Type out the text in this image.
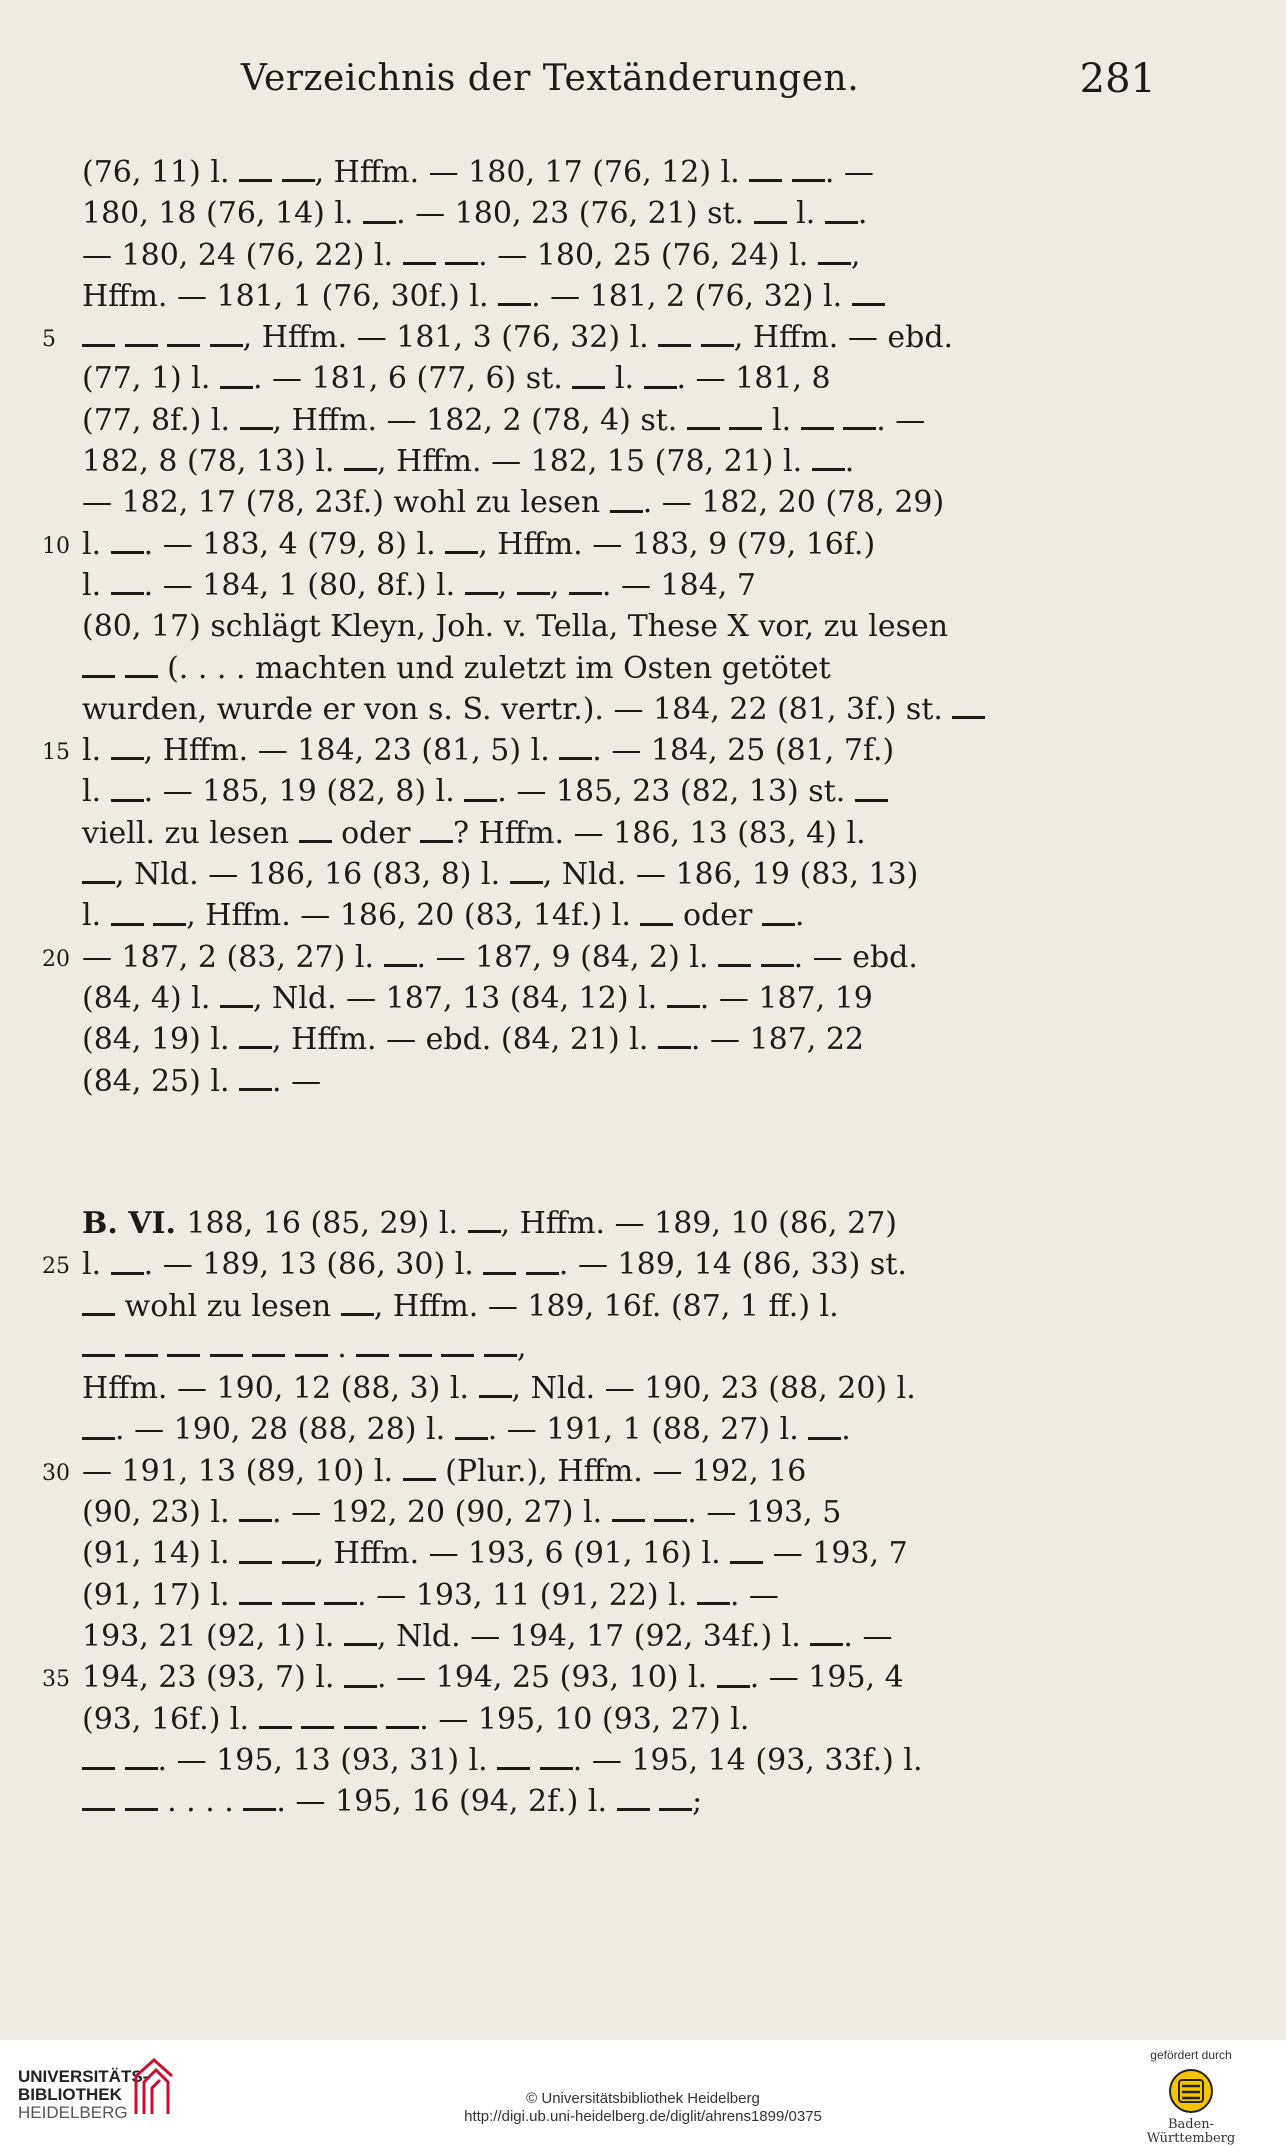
Verzeichnis der Textänderungen.	281
(76, 11) l.	, Hffm. — 180, 17 (76, 12) l.	. —
180, 18 (76, 14) l. . — 180, 23 (76, 21) st.  l. .
— 180, 24 (76, 22) l.	. — 180, 25 (76, 24) l. ,
Hffm. — 181, 1 (76, 30f.) l. . — 181, 2 (76, 32) l.
5	, Hffm. — 181, 3 (76, 32) l.	, Hffm. — ebd.
(77, 1) l. . — 181, 6 (77, 6) st.  l. . — 181, 8
(77, 8f.) l. , Hffm. — 182, 2 (78, 4) st.	l.	. —
182, 8 (78, 13) l. , Hffm. — 182, 15 (78, 21) l. .
— 182, 17 (78, 23f.) wohl zu lesen . — 182, 20 (78, 29)
10 l. . — 183, 4 (79, 8) l. , Hffm. — 183, 9 (79, 16f.)
l. . — 184, 1 (80, 8f.) l. , , . — 184, 7
(80, 17) schlägt Kleyn, Joh. v. Tella, These X vor, zu lesen
(. . . . machten und zuletzt im Osten getötet
wurden, wurde er von s. S. vertr.). — 184, 22 (81, 3f.) st.
15 l. , Hffm. — 184, 23 (81, 5) l. . — 184, 25 (81, 7f.)
l. . — 185, 19 (82, 8) l. . — 185, 23 (82, 13) st.
viell. zu lesen  oder ? Hffm. — 186, 13 (83, 4) l.
, Nld. — 186, 16 (83, 8) l. , Nld. — 186, 19 (83, 13)
l.	, Hffm. — 186, 20 (83, 14f.) l.  oder .
20 — 187, 2 (83, 27) l. . — 187, 9 (84, 2) l.	. — ebd.
(84, 4) l. , Nld. — 187, 13 (84, 12) l. . — 187, 19
(84, 19) l. , Hffm. — ebd. (84, 21) l. . — 187, 22
(84, 25) l. . —
B. VI. 188, 16 (85, 29) l. , Hffm. — 189, 10 (86, 27)
25 l. . — 189, 13 (86, 30) l.	. — 189, 14 (86, 33) st.
wohl zu lesen , Hffm. — 189, 16f. (87, 1 ff.) l.
.	,
Hffm. — 190, 12 (88, 3) l. , Nld. — 190, 23 (88, 20) l.
. — 190, 28 (88, 28) l. . — 191, 1 (88, 27) l. .
30 — 191, 13 (89, 10) l.  (Plur.), Hffm. — 192, 16
(90, 23) l. . — 192, 20 (90, 27) l.	. — 193, 5
(91, 14) l.	, Hffm. — 193, 6 (91, 16) l.  — 193, 7
(91, 17) l.	. — 193, 11 (91, 22) l. . —
193, 21 (92, 1) l. , Nld. — 194, 17 (92, 34f.) l. . —
35 194, 23 (93, 7) l. . — 194, 25 (93, 10) l. . — 195, 4
(93, 16f.) l.	. — 195, 10 (93, 27) l.
. — 195, 13 (93, 31) l.	. — 195, 14 (93, 33f.) l.
. . . . . — 195, 16 (94, 2f.) l.	;
UNIVERSITÄTS-
BIBLIOTHEK
HEIDELBERG
© Universitätsbibliothek Heidelberg
http://digi.ub.uni-heidelberg.de/diglit/ahrens1899/0375
gefördert durch
Baden-Württemberg
